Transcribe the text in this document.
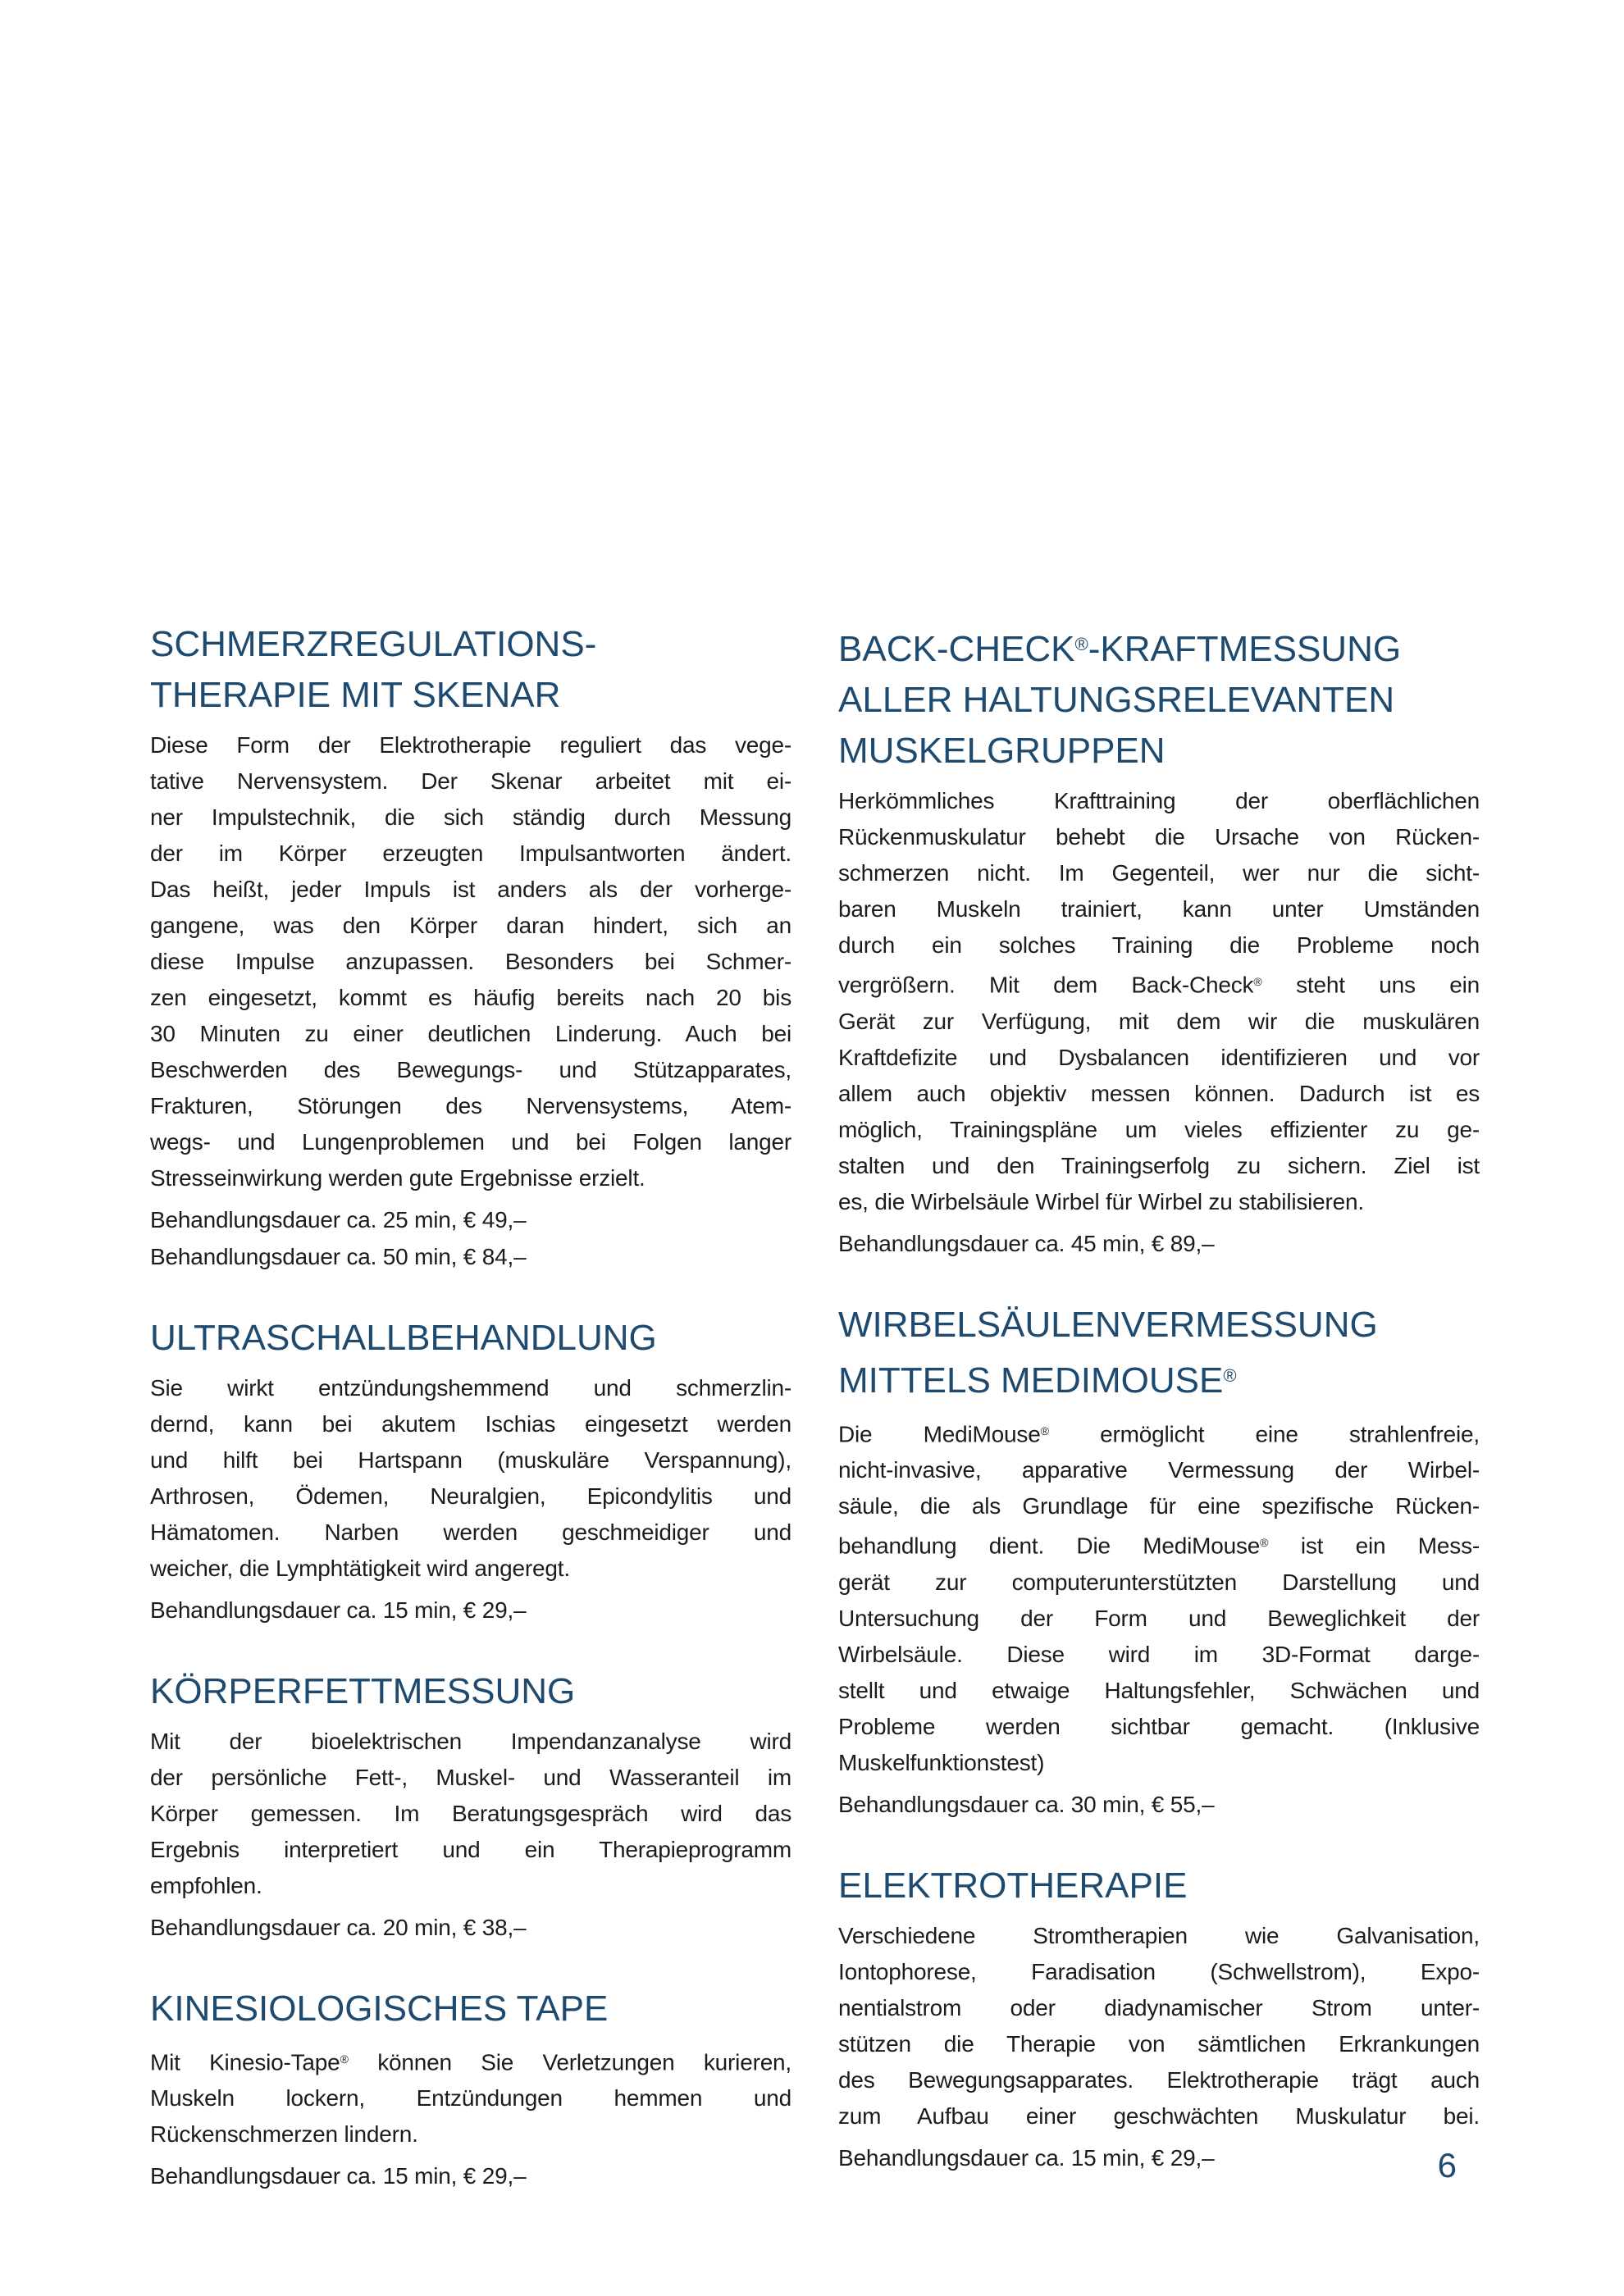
SCHMERZREGULATIONS-
THERAPIE MIT SKENAR

Diese Form der Elektrotherapie reguliert das vege-
tative Nervensystem. Der Skenar arbeitet mit ei-
ner Impulstechnik, die sich ständig durch Messung
der im Körper erzeugten Impulsantworten ändert.
Das heißt, jeder Impuls ist anders als der vorherge-
gangene, was den Körper daran hindert, sich an
diese Impulse anzupassen. Besonders bei Schmer-
zen eingesetzt, kommt es häufig bereits nach 20 bis
30 Minuten zu einer deutlichen Linderung. Auch bei
Beschwerden des Bewegungs- und Stützapparates,
Frakturen, Störungen des Nervensystems, Atem-
wegs- und Lungenproblemen und bei Folgen langer
Stresseinwirkung werden gute Ergebnisse erzielt.

Behandlungsdauer ca. 25 min, € 49,–
Behandlungsdauer ca. 50 min, € 84,–
ULTRASCHALLBEHANDLUNG

Sie wirkt entzündungshemmend und schmerzlin-
dernd, kann bei akutem Ischias eingesetzt werden
und hilft bei Hartspann (muskuläre Verspannung),
Arthrosen, Ödemen, Neuralgien, Epicondylitis und
Hämatomen. Narben werden geschmeidiger und
weicher, die Lymphtätigkeit wird angeregt.

Behandlungsdauer ca. 15 min, € 29,–
KÖRPERFETTMESSUNG

Mit der bioelektrischen Impendanzanalyse wird
der persönliche Fett-, Muskel- und Wasseranteil im
Körper gemessen. Im Beratungsgespräch wird das
Ergebnis interpretiert und ein Therapieprogramm
empfohlen.

Behandlungsdauer ca. 20 min, € 38,–
KINESIOLOGISCHES TAPE

Mit Kinesio-Tape® können Sie Verletzungen kurieren,
Muskeln lockern, Entzündungen hemmen und
Rückenschmerzen lindern.

Behandlungsdauer ca. 15 min, € 29,–
BACK-CHECK®-KRAFTMESSUNG
ALLER HALTUNGSRELEVANTEN
MUSKELGRUPPEN

Herkömmliches Krafttraining der oberflächlichen
Rückenmuskulatur behebt die Ursache von Rücken-
schmerzen nicht. Im Gegenteil, wer nur die sicht-
baren Muskeln trainiert, kann unter Umständen
durch ein solches Training die Probleme noch
vergrößern. Mit dem Back-Check® steht uns ein
Gerät zur Verfügung, mit dem wir die muskulären
Kraftdefizite und Dysbalancen identifizieren und vor
allem auch objektiv messen können. Dadurch ist es
möglich, Trainingspläne um vieles effizienter zu ge-
stalten und den Trainingserfolg zu sichern. Ziel ist
es, die Wirbelsäule Wirbel für Wirbel zu stabilisieren.

Behandlungsdauer ca. 45 min, € 89,–
WIRBELSÄULENVERMESSUNG
MITTELS MEDIMOUSE®

Die MediMouse® ermöglicht eine strahlenfreie,
nicht-invasive, apparative Vermessung der Wirbel-
säule, die als Grundlage für eine spezifische Rücken-
behandlung dient. Die MediMouse® ist ein Mess-
gerät zur computerunterstützten Darstellung und
Untersuchung der Form und Beweglichkeit der
Wirbelsäule. Diese wird im 3D-Format darge-
stellt und etwaige Haltungsfehler, Schwächen und
Probleme werden sichtbar gemacht. (Inklusive
Muskelfunktionstest)

Behandlungsdauer ca. 30 min, € 55,–
ELEKTROTHERAPIE

Verschiedene Stromtherapien wie Galvanisation,
Iontophorese, Faradisation (Schwellstrom), Expo-
nentialstrom oder diadynamischer Strom unter-
stützen die Therapie von sämtlichen Erkrankungen
des Bewegungsapparates. Elektrotherapie trägt auch
zum Aufbau einer geschwächten Muskulatur bei.
Behandlungsdauer ca. 15 min, € 29,–	6
